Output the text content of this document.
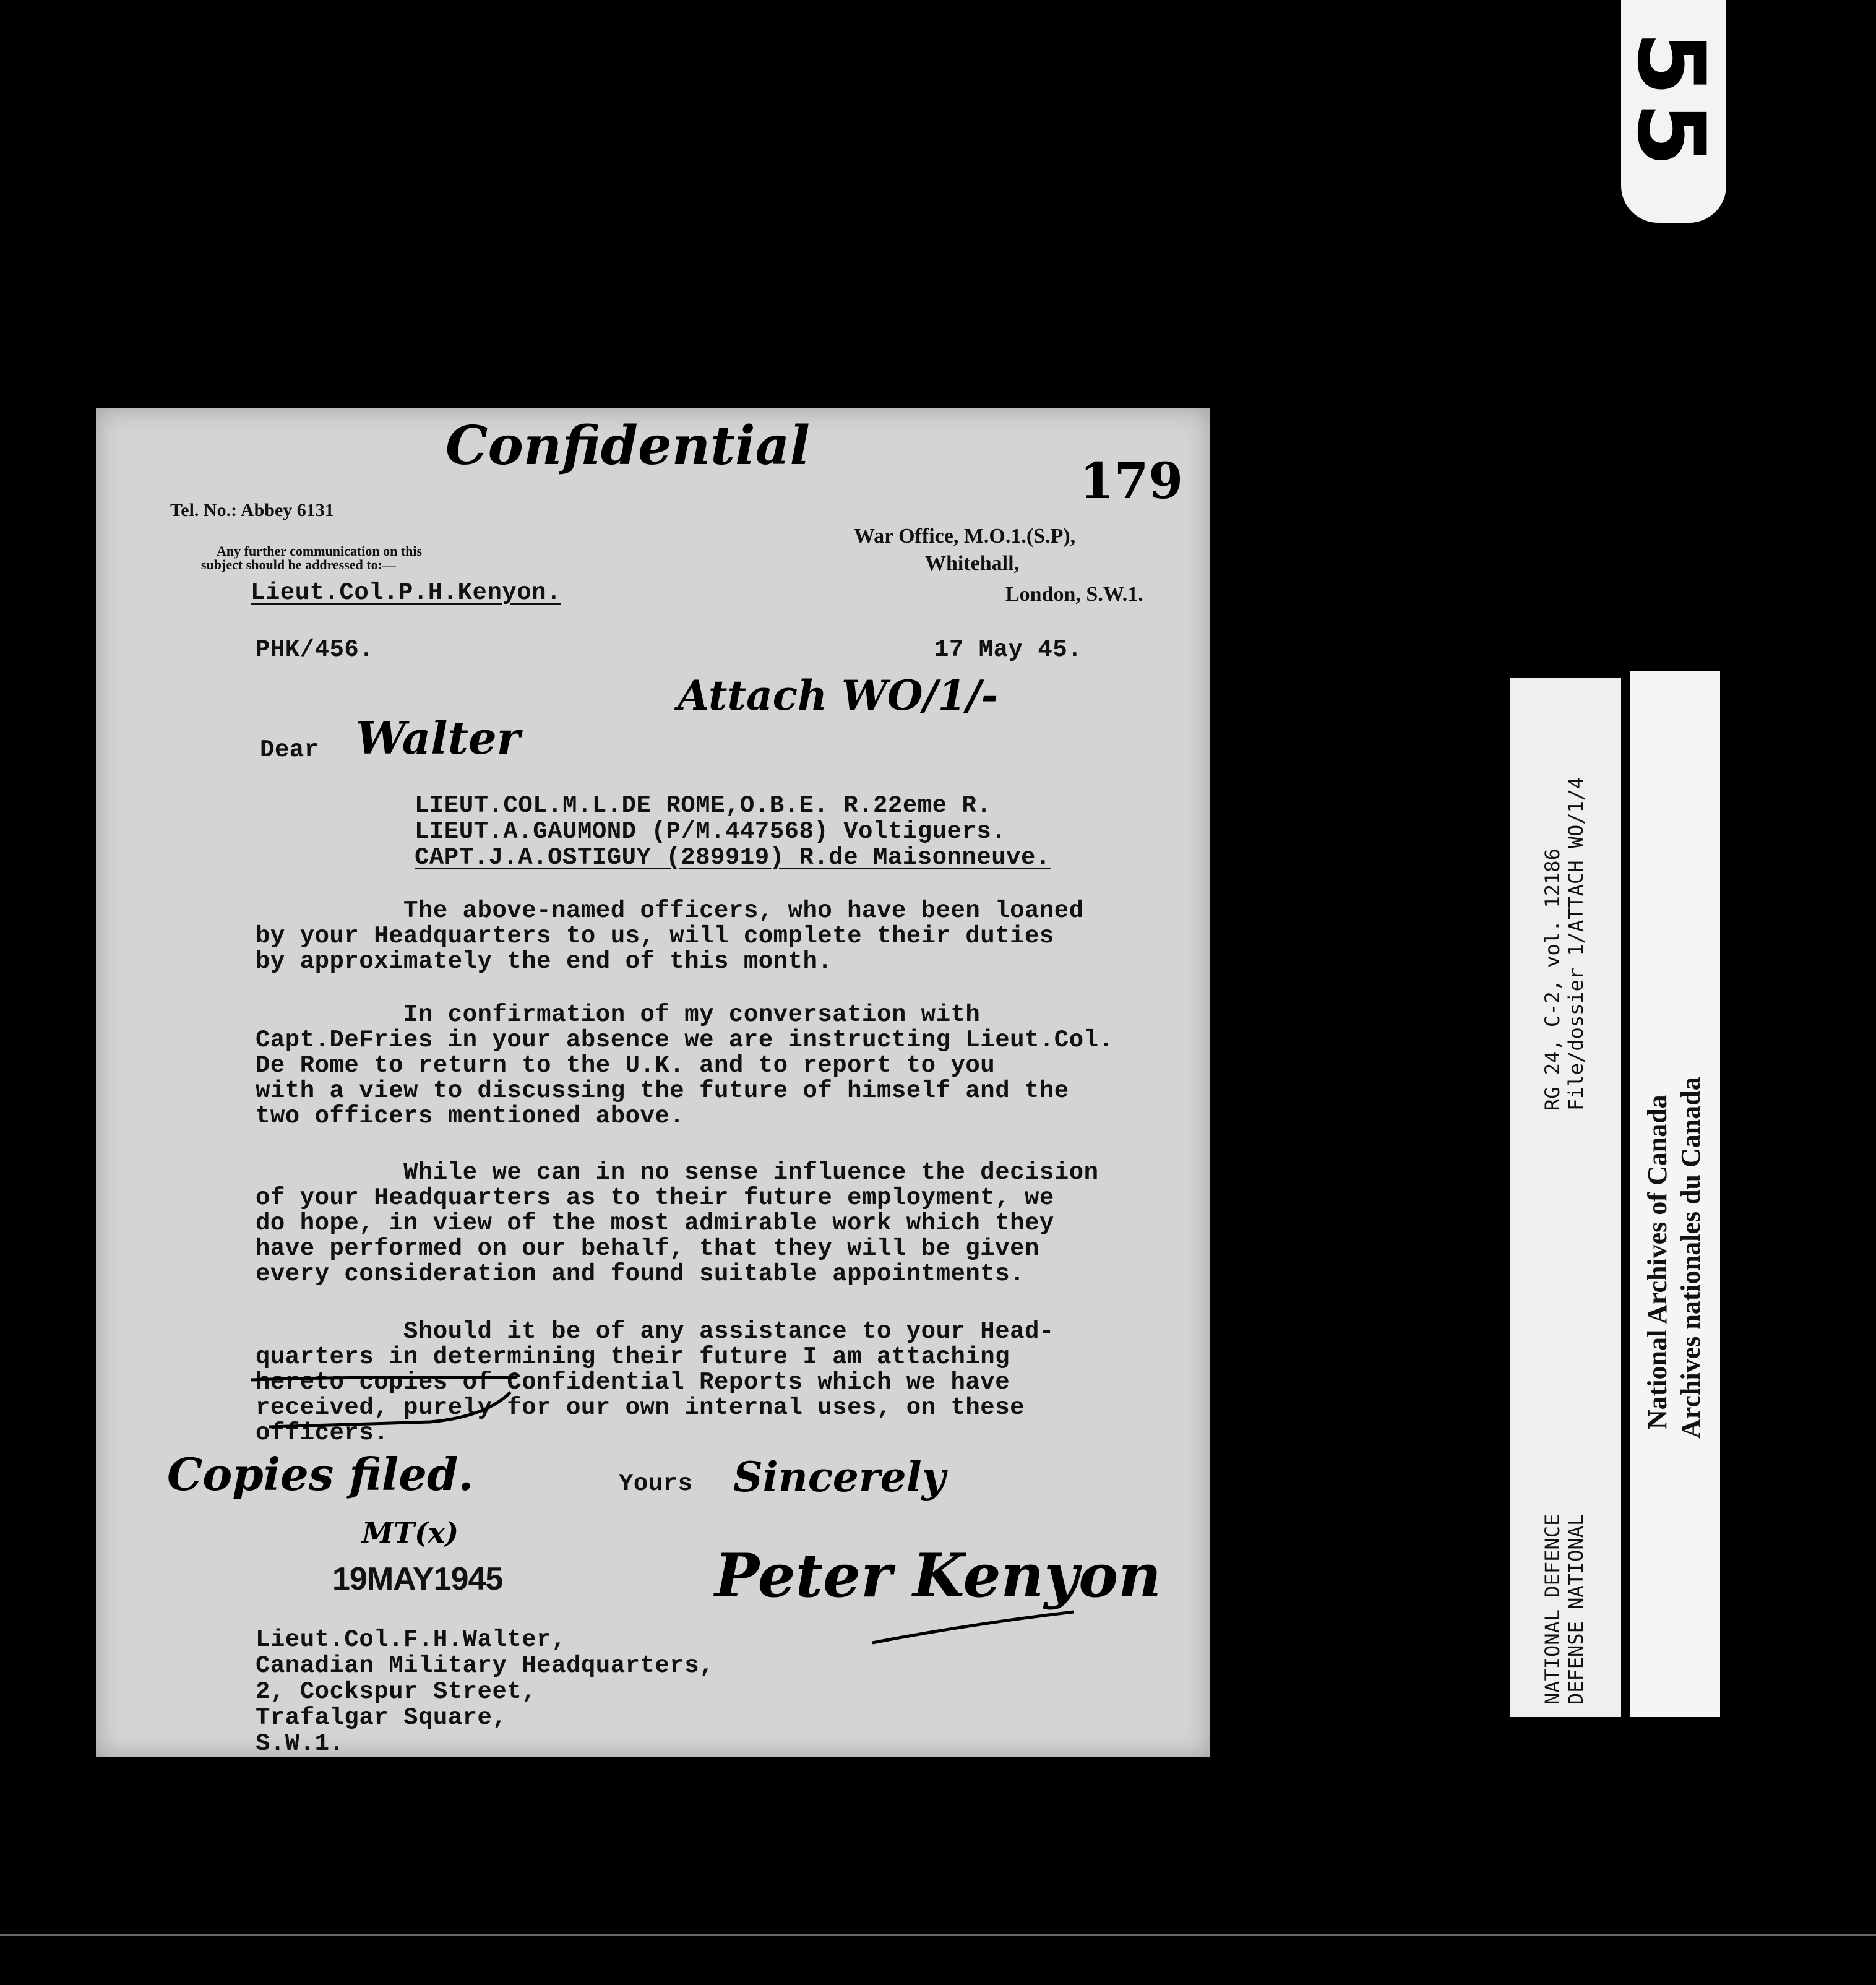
55
Confidential
179
Tel. No.: Abbey 6131
Any further communication on this
subject should be addressed to:—
Lieut.Col.P.H.Kenyon.
PHK/456.
War Office, M.O.1.(S.P),
Whitehall,
London, S.W.1.
17 May 45.
Attach WO/1/-
Dear Walter
LIEUT.COL.M.L.DE ROME,O.B.E. R.22eme R.
LIEUT.A.GAUMOND (P/M.447568) Voltiguers.
CAPT.J.A.OSTIGUY (289919) R.de Maisonneuve.
The above-named officers, who have been loaned
by your Headquarters to us, will complete their duties
by approximately the end of this month.
In confirmation of my conversation with
Capt.DeFries in your absence we are instructing Lieut.Col.
De Rome to return to the U.K. and to report to you
with a view to discussing the future of himself and the
two officers mentioned above.
While we can in no sense influence the decision
of your Headquarters as to their future employment, we
do hope, in view of the most admirable work which they
have performed on our behalf, that they will be given
every consideration and found suitable appointments.
Should it be of any assistance to your Head-
quarters in determining their future I am attaching
hereto copies of Confidential Reports which we have
received, purely for our own internal uses, on these
officers.
Copies filed.
MT(x)
19MAY1945
Yours Sincerely
Peter Kenyon
Lieut.Col.F.H.Walter,
Canadian Military Headquarters,
2, Cockspur Street,
Trafalgar Square,
S.W.1.
RG 24, C-2, vol. 12186 File/dossier 1/ATTACH WO/1/4
NATIONAL DEFENCE DEFENSE NATIONAL
National Archives of Canada Archives nationales du Canada
